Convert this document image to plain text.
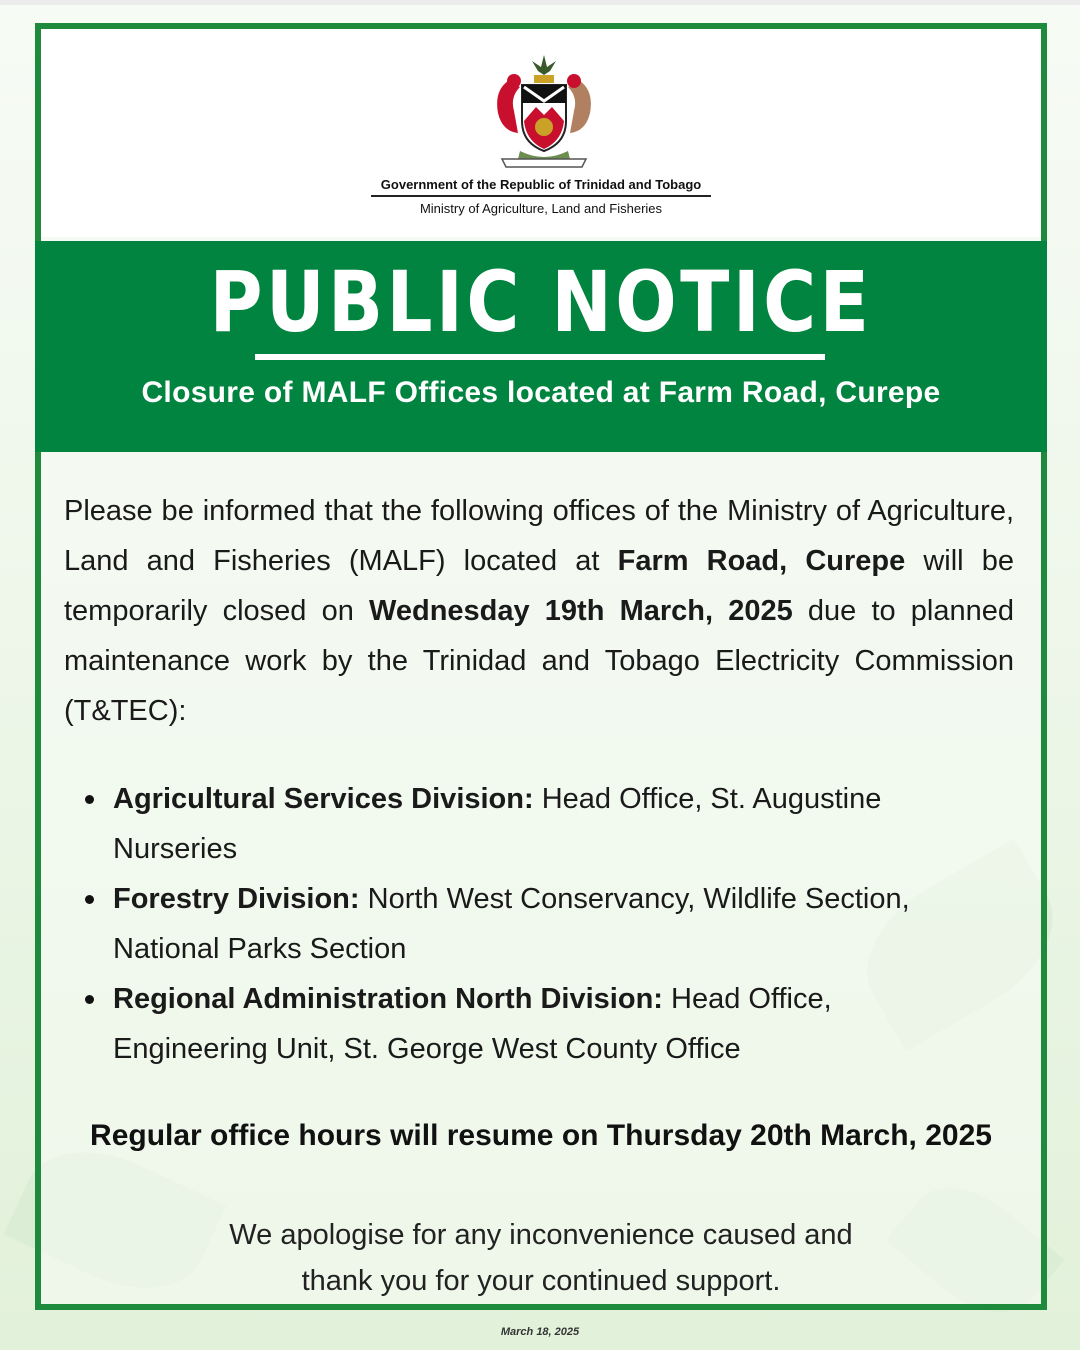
Government of the Republic of Trinidad and Tobago
Ministry of Agriculture, Land and Fisheries
PUBLIC NOTICE
Closure of MALF Offices located at Farm Road, Curepe

Please be informed that the following offices of the Ministry of Agriculture, Land and Fisheries (MALF) located at Farm Road, Curepe will be temporarily closed on Wednesday 19th March, 2025 due to planned maintenance work by the Trinidad and Tobago Electricity Commission (T&TEC):

Agricultural Services Division: Head Office, St. Augustine Nurseries
Forestry Division: North West Conservancy, Wildlife Section, National Parks Section
Regional Administration North Division: Head Office, Engineering Unit, St. George West County Office
Regular office hours will resume on Thursday 20th March, 2025
We apologise for any inconvenience caused and
thank you for your continued support.
March 18, 2025
